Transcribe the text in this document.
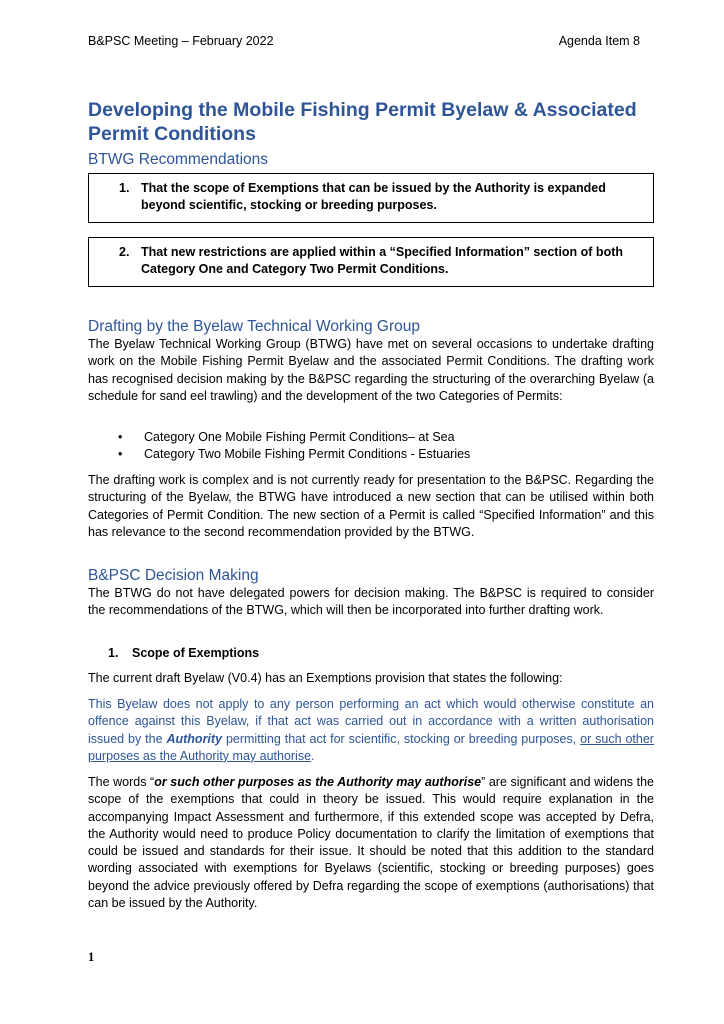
B&PSC Meeting – February 2022	Agenda Item 8
Developing the Mobile Fishing Permit Byelaw & Associated Permit Conditions
BTWG Recommendations
1. That the scope of Exemptions that can be issued by the Authority is expanded beyond scientific, stocking or breeding purposes.
2. That new restrictions are applied within a “Specified Information” section of both Category One and Category Two Permit Conditions.
Drafting by the Byelaw Technical Working Group
The Byelaw Technical Working Group (BTWG) have met on several occasions to undertake drafting work on the Mobile Fishing Permit Byelaw and the associated Permit Conditions. The drafting work has recognised decision making by the B&PSC regarding the structuring of the overarching Byelaw (a schedule for sand eel trawling) and the development of the two Categories of Permits:
•	Category One Mobile Fishing Permit Conditions– at Sea
•	Category Two Mobile Fishing Permit Conditions - Estuaries
The drafting work is complex and is not currently ready for presentation to the B&PSC. Regarding the structuring of the Byelaw, the BTWG have introduced a new section that can be utilised within both Categories of Permit Condition. The new section of a Permit is called “Specified Information” and this has relevance to the second recommendation provided by the BTWG.
B&PSC Decision Making
The BTWG do not have delegated powers for decision making. The B&PSC is required to consider the recommendations of the BTWG, which will then be incorporated into further drafting work.
1.	Scope of Exemptions
The current draft Byelaw (V0.4) has an Exemptions provision that states the following:
This Byelaw does not apply to any person performing an act which would otherwise constitute an offence against this Byelaw, if that act was carried out in accordance with a written authorisation issued by the Authority permitting that act for scientific, stocking or breeding purposes, or such other purposes as the Authority may authorise.
The words “or such other purposes as the Authority may authorise” are significant and widens the scope of the exemptions that could in theory be issued. This would require explanation in the accompanying Impact Assessment and furthermore, if this extended scope was accepted by Defra, the Authority would need to produce Policy documentation to clarify the limitation of exemptions that could be issued and standards for their issue. It should be noted that this addition to the standard wording associated with exemptions for Byelaws (scientific, stocking or breeding purposes) goes beyond the advice previously offered by Defra regarding the scope of exemptions (authorisations) that can be issued by the Authority.
1
